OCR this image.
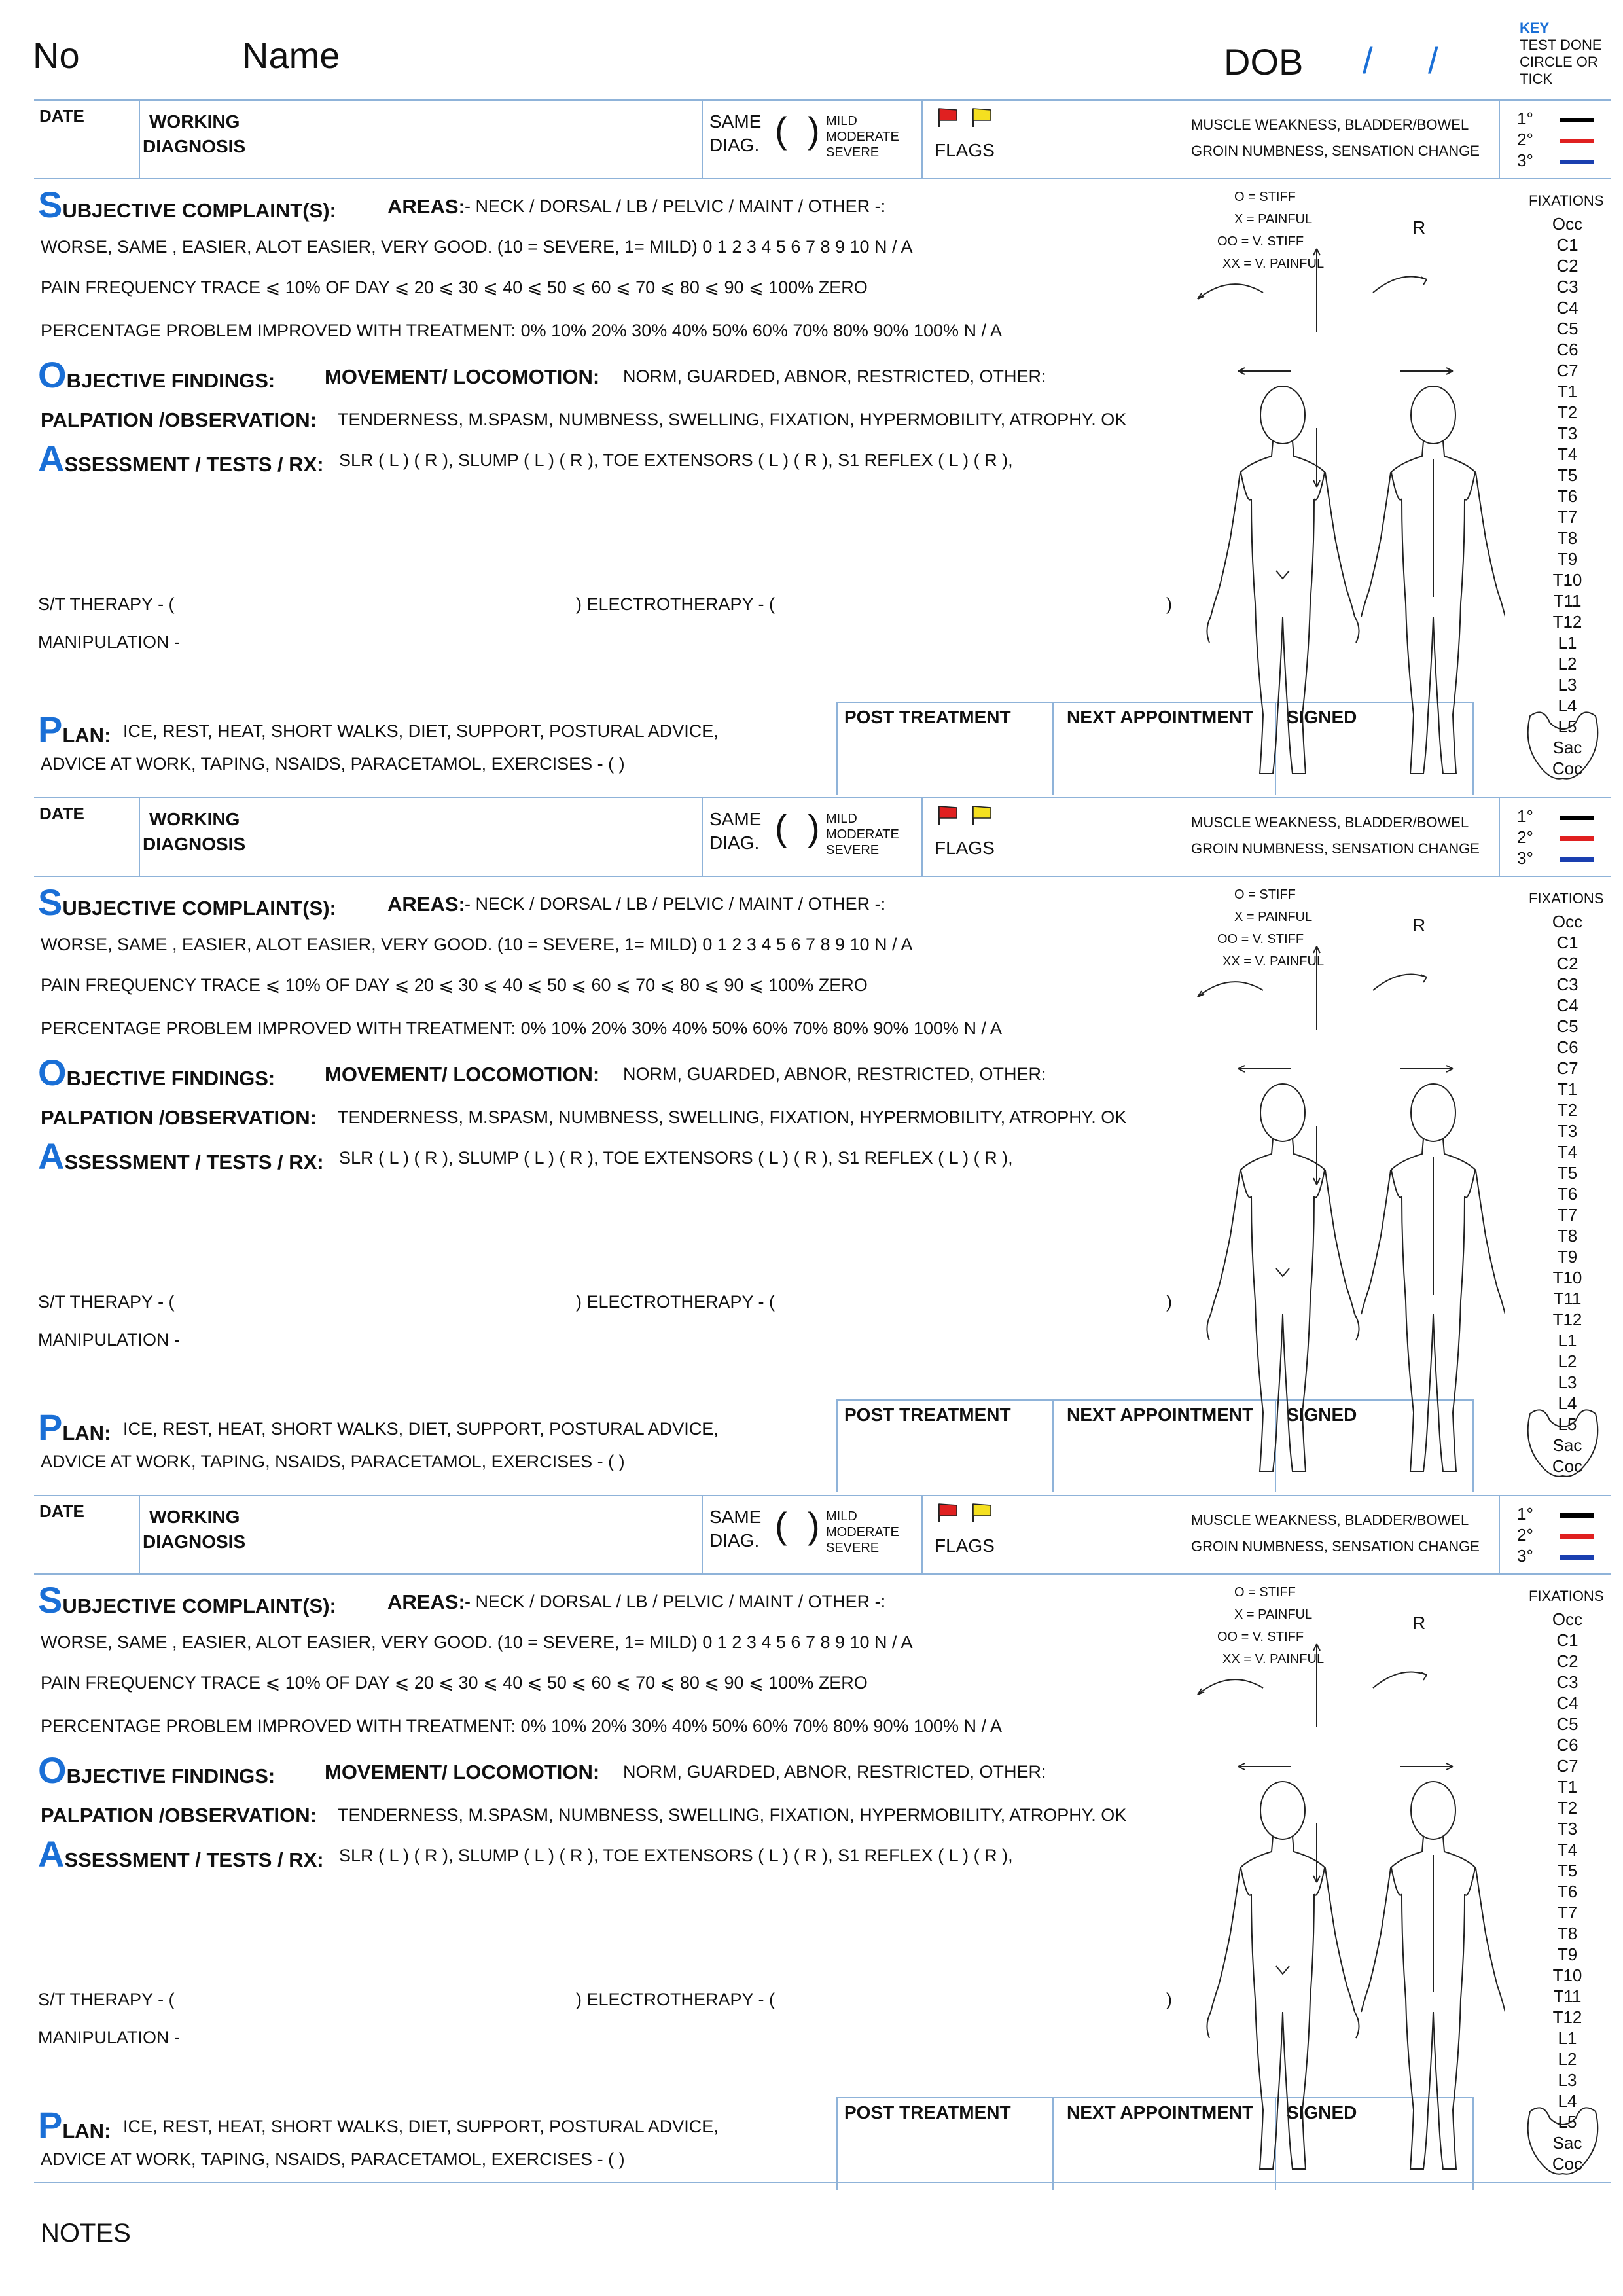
No	Name	DOB / /
KEY
TEST DONE
CIRCLE OR
TICK
DATE	WORKING
DIAGNOSIS
SAME
DIAG. ( ) MILD
MODERATE
SEVERE	FLAGS
MUSCLE WEAKNESS, BLADDER/BOWEL
GROIN NUMBNESS, SENSATION CHANGE
1°
2°
3°
SUBJECTIVE COMPLAINT(S):	AREAS: - NECK / DORSAL / LB / PELVIC / MAINT / OTHER -:
WORSE, SAME , EASIER, ALOT EASIER, VERY GOOD. (10 = SEVERE, 1= MILD) 0 1 2 3 4 5 6 7 8 9 10 N / A
PAIN FREQUENCY TRACE ⩽ 10% OF DAY ⩽ 20 ⩽ 30 ⩽ 40 ⩽ 50 ⩽ 60 ⩽ 70 ⩽ 80 ⩽ 90 ⩽ 100% ZERO
PERCENTAGE PROBLEM IMPROVED WITH TREATMENT: 0% 10% 20% 30% 40% 50% 60% 70% 80% 90% 100% N / A
OBJECTIVE FINDINGS: MOVEMENT/ LOCOMOTION: NORM, GUARDED, ABNOR, RESTRICTED, OTHER:
PALPATION /OBSERVATION: TENDERNESS, M.SPASM, NUMBNESS, SWELLING, FIXATION, HYPERMOBILITY, ATROPHY. OK
ASSESSMENT / TESTS / RX: SLR ( L ) ( R ), SLUMP ( L ) ( R ), TOE EXTENSORS ( L ) ( R ), S1 REFLEX ( L ) ( R ),
S/T THERAPY - (	) ELECTROTHERAPY - (	)
MANIPULATION -
PLAN: ICE, REST, HEAT, SHORT WALKS, DIET, SUPPORT, POSTURAL ADVICE,
ADVICE AT WORK, TAPING, NSAIDS, PARACETAMOL, EXERCISES - ( )
POST TREATMENT	NEXT APPOINTMENT SIGNED
O = STIFF
X = PAINFUL
OO = V. STIFF
XX = V. PAINFUL
R
FIXATIONS
Occ
C1
C2
C3
C4
C5
C6
C7
T1
T2
T3
T4
T5
T6
T7
T8
T9
T10
T11
T12
L1
L2
L3
L4
L5
Sac
Coc
DATE	WORKING
DIAGNOSIS
SAME
DIAG. ( ) MILD
MODERATE
SEVERE	FLAGS
MUSCLE WEAKNESS, BLADDER/BOWEL
GROIN NUMBNESS, SENSATION CHANGE
1°
2°
3°
SUBJECTIVE COMPLAINT(S):	AREAS: - NECK / DORSAL / LB / PELVIC / MAINT / OTHER -:
WORSE, SAME , EASIER, ALOT EASIER, VERY GOOD. (10 = SEVERE, 1= MILD) 0 1 2 3 4 5 6 7 8 9 10 N / A
PAIN FREQUENCY TRACE ⩽ 10% OF DAY ⩽ 20 ⩽ 30 ⩽ 40 ⩽ 50 ⩽ 60 ⩽ 70 ⩽ 80 ⩽ 90 ⩽ 100% ZERO
PERCENTAGE PROBLEM IMPROVED WITH TREATMENT: 0% 10% 20% 30% 40% 50% 60% 70% 80% 90% 100% N / A
OBJECTIVE FINDINGS: MOVEMENT/ LOCOMOTION: NORM, GUARDED, ABNOR, RESTRICTED, OTHER:
PALPATION /OBSERVATION: TENDERNESS, M.SPASM, NUMBNESS, SWELLING, FIXATION, HYPERMOBILITY, ATROPHY. OK
ASSESSMENT / TESTS / RX: SLR ( L ) ( R ), SLUMP ( L ) ( R ), TOE EXTENSORS ( L ) ( R ), S1 REFLEX ( L ) ( R ),
S/T THERAPY - (	) ELECTROTHERAPY - (	)
MANIPULATION -
PLAN: ICE, REST, HEAT, SHORT WALKS, DIET, SUPPORT, POSTURAL ADVICE,
ADVICE AT WORK, TAPING, NSAIDS, PARACETAMOL, EXERCISES - ( )
POST TREATMENT	NEXT APPOINTMENT SIGNED
O = STIFF
X = PAINFUL
OO = V. STIFF
XX = V. PAINFUL
R
FIXATIONS
Occ
C1
C2
C3
C4
C5
C6
C7
T1
T2
T3
T4
T5
T6
T7
T8
T9
T10
T11
T12
L1
L2
L3
L4
L5
Sac
Coc
DATE	WORKING
DIAGNOSIS
SAME
DIAG. ( ) MILD
MODERATE
SEVERE	FLAGS
MUSCLE WEAKNESS, BLADDER/BOWEL
GROIN NUMBNESS, SENSATION CHANGE
1°
2°
3°
SUBJECTIVE COMPLAINT(S):	AREAS: - NECK / DORSAL / LB / PELVIC / MAINT / OTHER -:
WORSE, SAME , EASIER, ALOT EASIER, VERY GOOD. (10 = SEVERE, 1= MILD) 0 1 2 3 4 5 6 7 8 9 10 N / A
PAIN FREQUENCY TRACE ⩽ 10% OF DAY ⩽ 20 ⩽ 30 ⩽ 40 ⩽ 50 ⩽ 60 ⩽ 70 ⩽ 80 ⩽ 90 ⩽ 100% ZERO
PERCENTAGE PROBLEM IMPROVED WITH TREATMENT: 0% 10% 20% 30% 40% 50% 60% 70% 80% 90% 100% N / A
OBJECTIVE FINDINGS: MOVEMENT/ LOCOMOTION: NORM, GUARDED, ABNOR, RESTRICTED, OTHER:
PALPATION /OBSERVATION: TENDERNESS, M.SPASM, NUMBNESS, SWELLING, FIXATION, HYPERMOBILITY, ATROPHY. OK
ASSESSMENT / TESTS / RX: SLR ( L ) ( R ), SLUMP ( L ) ( R ), TOE EXTENSORS ( L ) ( R ), S1 REFLEX ( L ) ( R ),
S/T THERAPY - (	) ELECTROTHERAPY - (	)
MANIPULATION -
PLAN: ICE, REST, HEAT, SHORT WALKS, DIET, SUPPORT, POSTURAL ADVICE,
ADVICE AT WORK, TAPING, NSAIDS, PARACETAMOL, EXERCISES - ( )
POST TREATMENT	NEXT APPOINTMENT SIGNED
O = STIFF
X = PAINFUL
OO = V. STIFF
XX = V. PAINFUL
R
FIXATIONS
Occ
C1
C2
C3
C4
C5
C6
C7
T1
T2
T3
T4
T5
T6
T7
T8
T9
T10
T11
T12
L1
L2
L3
L4
L5
Sac
Coc
NOTES
